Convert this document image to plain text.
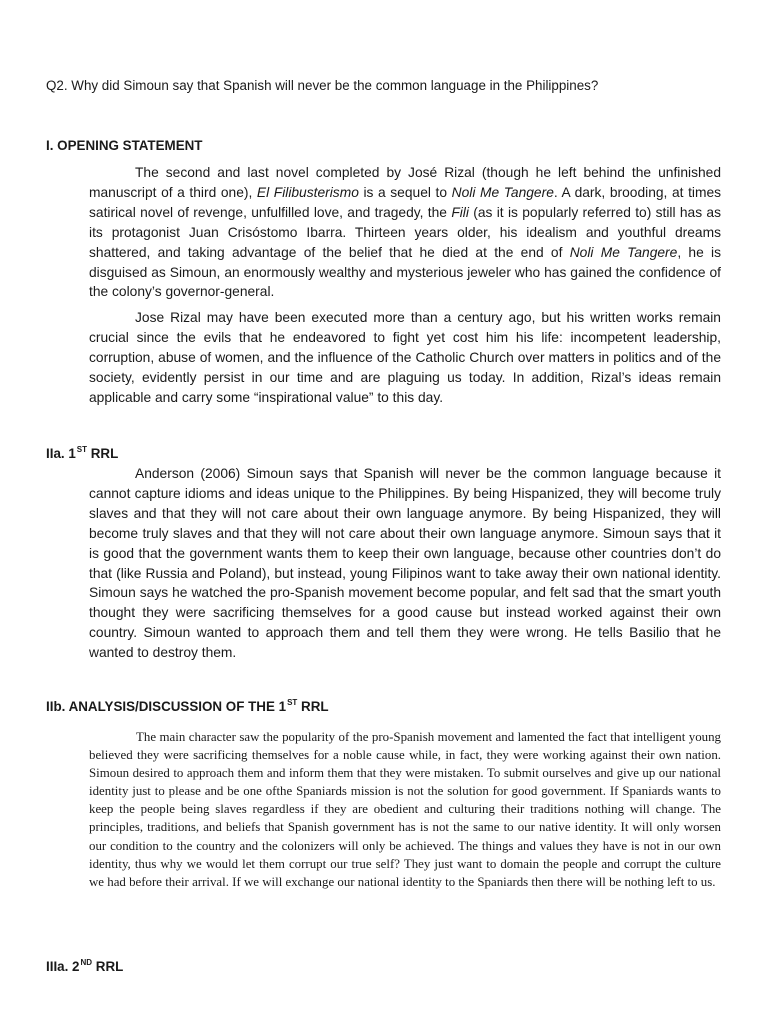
Q2. Why did Simoun say that Spanish will never be the common language in the Philippines?

I. OPENING STATEMENT

The second and last novel completed by José Rizal (though he left behind the unfinished manuscript of a third one), El Filibusterismo is a sequel to Noli Me Tangere. A dark, brooding, at times satirical novel of revenge, unfulfilled love, and tragedy, the Fili (as it is popularly referred to) still has as its protagonist Juan Crisóstomo Ibarra. Thirteen years older, his idealism and youthful dreams shattered, and taking advantage of the belief that he died at the end of Noli Me Tangere, he is disguised as Simoun, an enormously wealthy and mysterious jeweler who has gained the confidence of the colony’s governor-general.

Jose Rizal may have been executed more than a century ago, but his written works remain crucial since the evils that he endeavored to fight yet cost him his life: incompetent leadership, corruption, abuse of women, and the influence of the Catholic Church over matters in politics and of the society, evidently persist in our time and are plaguing us today. In addition, Rizal’s ideas remain applicable and carry some “inspirational value” to this day.

IIa. 1ST RRL

Anderson (2006) Simoun says that Spanish will never be the common language because it cannot capture idioms and ideas unique to the Philippines. By being Hispanized, they will become truly slaves and that they will not care about their own language anymore. By being Hispanized, they will become truly slaves and that they will not care about their own language anymore. Simoun says that it is good that the government wants them to keep their own language, because other countries don’t do that (like Russia and Poland), but instead, young Filipinos want to take away their own national identity. Simoun says he watched the pro-Spanish movement become popular, and felt sad that the smart youth thought they were sacrificing themselves for a good cause but instead worked against their own country. Simoun wanted to approach them and tell them they were wrong. He tells Basilio that he wanted to destroy them.

IIb. ANALYSIS/DISCUSSION OF THE 1ST RRL

The main character saw the popularity of the pro-Spanish movement and lamented the fact that intelligent young believed they were sacrificing themselves for a noble cause while, in fact, they were working against their own nation. Simoun desired to approach them and inform them that they were mistaken. To submit ourselves and give up our national identity just to please and be one ofthe Spaniards mission is not the solution for good government. If Spaniards wants to keep the people being slaves regardless if they are obedient and culturing their traditions nothing will change. The principles, traditions, and beliefs that Spanish government has is not the same to our native identity. It will only worsen our condition to the country and the colonizers will only be achieved. The things and values they have is not in our own identity, thus why we would let them corrupt our true self? They just want to domain the people and corrupt the culture we had before their arrival. If we will exchange our national identity to the Spaniards then there will be nothing left to us.

IIIa. 2ND RRL
